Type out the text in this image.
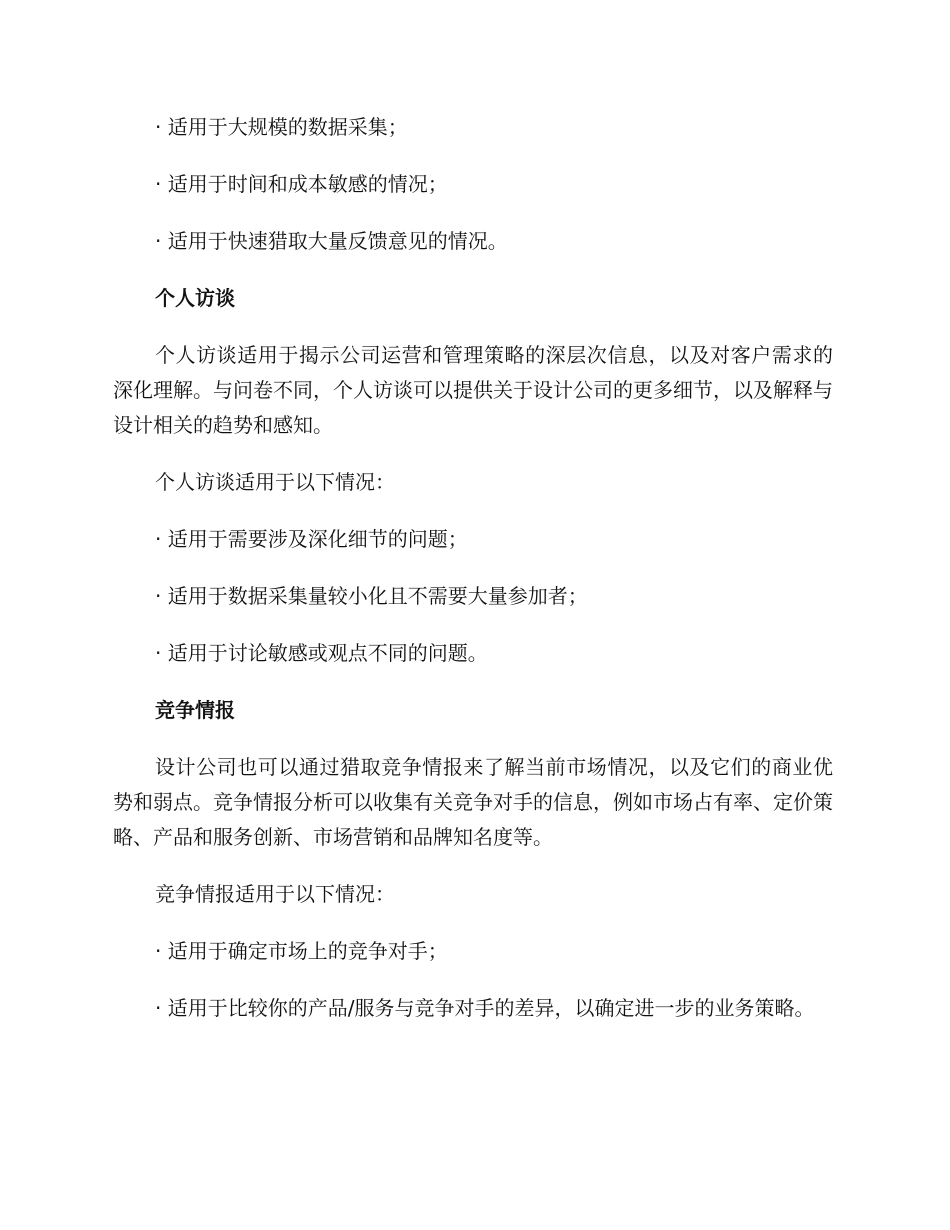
· 适用于大规模的数据采集；

· 适用于时间和成本敏感的情况；

· 适用于快速猎取大量反馈意见的情况。

个人访谈

个人访谈适用于揭示公司运营和管理策略的深层次信息，以及对客户需求的深化理解。与问卷不同，个人访谈可以提供关于设计公司的更多细节，以及解释与设计相关的趋势和感知。

个人访谈适用于以下情况：

· 适用于需要涉及深化细节的问题；

· 适用于数据采集量较小化且不需要大量参加者；

· 适用于讨论敏感或观点不同的问题。

竞争情报

设计公司也可以通过猎取竞争情报来了解当前市场情况，以及它们的商业优势和弱点。竞争情报分析可以收集有关竞争对手的信息，例如市场占有率、定价策略、产品和服务创新、市场营销和品牌知名度等。

竞争情报适用于以下情况：

· 适用于确定市场上的竞争对手；

· 适用于比较你的产品/服务与竞争对手的差异，以确定进一步的业务策略。
